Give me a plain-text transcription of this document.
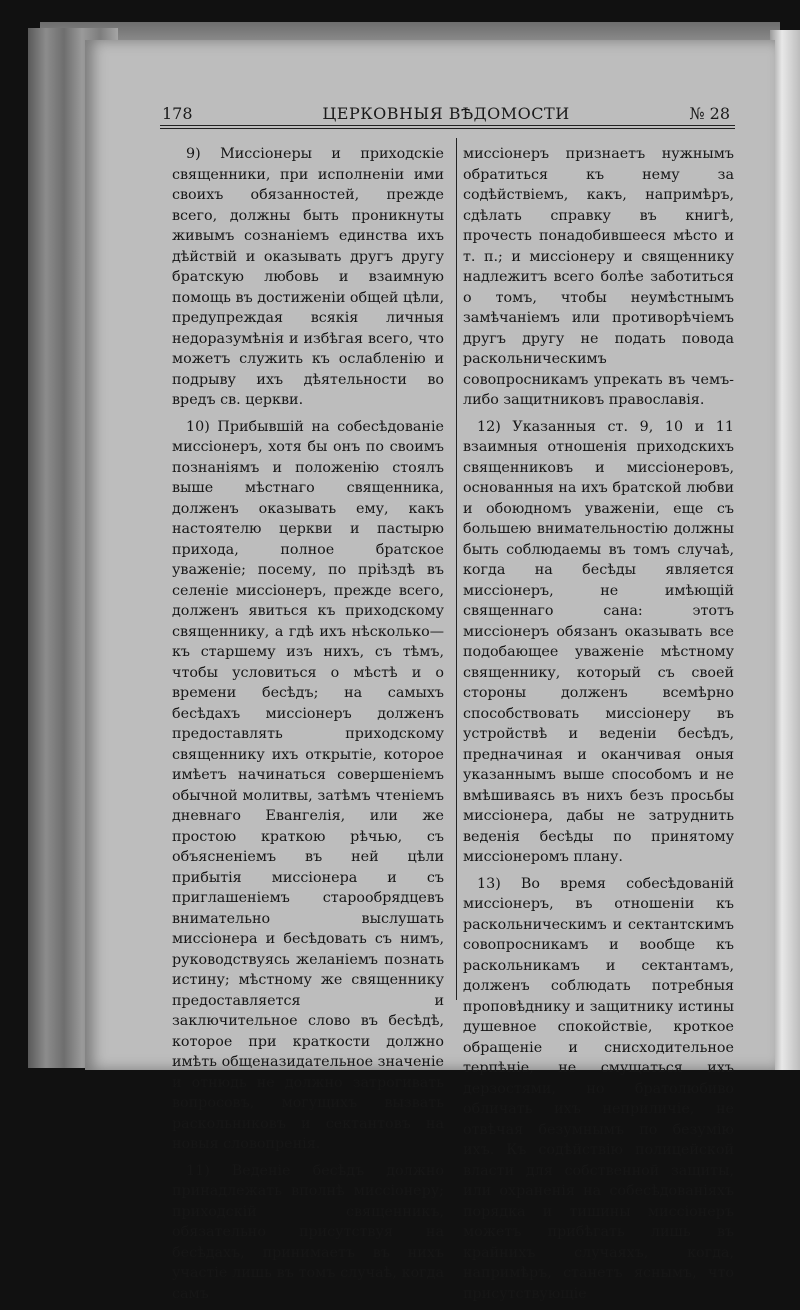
178	ЦЕРКОВНЫЯ ВѢДОМОСТИ	№ 28

9) Миссіонеры и приходскіе священники, при исполненіи ими своихъ обязанностей, прежде всего, должны быть проникнуты живымъ сознаніемъ единства ихъ дѣйствій и оказывать другъ другу братскую любовь и взаимную помощь въ достиженіи общей цѣли, предупреждая всякія личныя недоразумѣнія и избѣгая всего, что можетъ служить къ ослабленію и подрыву ихъ дѣятельности во вредъ св. церкви.

10) Прибывшій на собесѣдованіе миссіонеръ, хотя бы онъ по своимъ познаніямъ и положенію стоялъ выше мѣстнаго священника, долженъ оказывать ему, какъ настоятелю церкви и пастырю прихода, полное братское уваженіе; посему, по пріѣздѣ въ селеніе миссіонеръ, прежде всего, долженъ явиться къ приходскому священнику, а гдѣ ихъ нѣсколько—къ старшему изъ нихъ, съ тѣмъ, чтобы условиться о мѣстѣ и о времени бесѣдъ; на самыхъ бесѣдахъ миссіонеръ долженъ предоставлять приходскому священнику ихъ открытіе, которое имѣетъ начинаться совершеніемъ обычной молитвы, затѣмъ чтеніемъ дневнаго Евангелія, или же простою краткою рѣчью, съ объясненіемъ въ ней цѣли прибытія миссіонера и съ приглашеніемъ старообрядцевъ внимательно выслушать миссіонера и бесѣдовать съ нимъ, руководствуясь желаніемъ познать истину; мѣстному же священнику предоставляется и заключительное слово въ бесѣдѣ, которое при краткости должно имѣть общеназидательное значеніе и отнюдь не должно затрогивать вопросовъ, могущихъ вызвать раскольниковъ и сектантовъ на новыя словопренія.

11) Веденіе бесѣдъ должно принадлежать вполнѣ миссіонеру; приходскій священникъ, обязательно присутствуя на бесѣдахъ, принимаетъ въ нихъ участіе лишь въ томъ случаѣ, когда самъ

миссіонеръ признаетъ нужнымъ обратиться къ нему за содѣйствіемъ, какъ, напримѣръ, сдѣлать справку въ книгѣ, прочесть понадобившееся мѣсто и т. п.; и миссіонеру и священнику надлежитъ всего болѣе заботиться о томъ, чтобы неумѣстнымъ замѣчаніемъ или противорѣчіемъ другъ другу не подать повода раскольническимъ совопросникамъ упрекать въ чемъ-либо защитниковъ православія.

12) Указанныя ст. 9, 10 и 11 взаимныя отношенія приходскихъ священниковъ и миссіонеровъ, основанныя на ихъ братской любви и обоюдномъ уваженіи, еще съ большею внимательностію должны быть соблюдаемы въ томъ случаѣ, когда на бесѣды является миссіонеръ, не имѣющій священнаго сана: этотъ миссіонеръ обязанъ оказывать все подобающее уваженіе мѣстному священнику, который съ своей стороны долженъ всемѣрно способствовать миссіонеру въ устройствѣ и веденіи бесѣдъ, предначиная и оканчивая оныя указаннымъ выше способомъ и не вмѣшиваясь въ нихъ безъ просьбы миссіонера, дабы не затруднить веденія бесѣды по принятому миссіонеромъ плану.

13) Во время собесѣдованій миссіонеръ, въ отношеніи къ раскольническимъ и сектантскимъ совопросникамъ и вообще къ раскольникамъ и сектантамъ, долженъ соблюдать потребныя проповѣднику и защитнику истины душевное спокойствіе, кроткое обращеніе и снисходительное терпѣніе, не смущаться ихъ дерзостями, но братолюбиво обличать ихъ неприличіе, не отвѣчая безумнымъ по безумію ихъ. Къ содѣйствію полицейской власти для собственной защиты, или охраненія на собесѣдованіяхъ порядка и тишины миссіонеръ можетъ прибѣгать лишь въ крайнихъ случаяхъ, когда, напримѣръ, станетъ яснымъ, что присутствующіе
